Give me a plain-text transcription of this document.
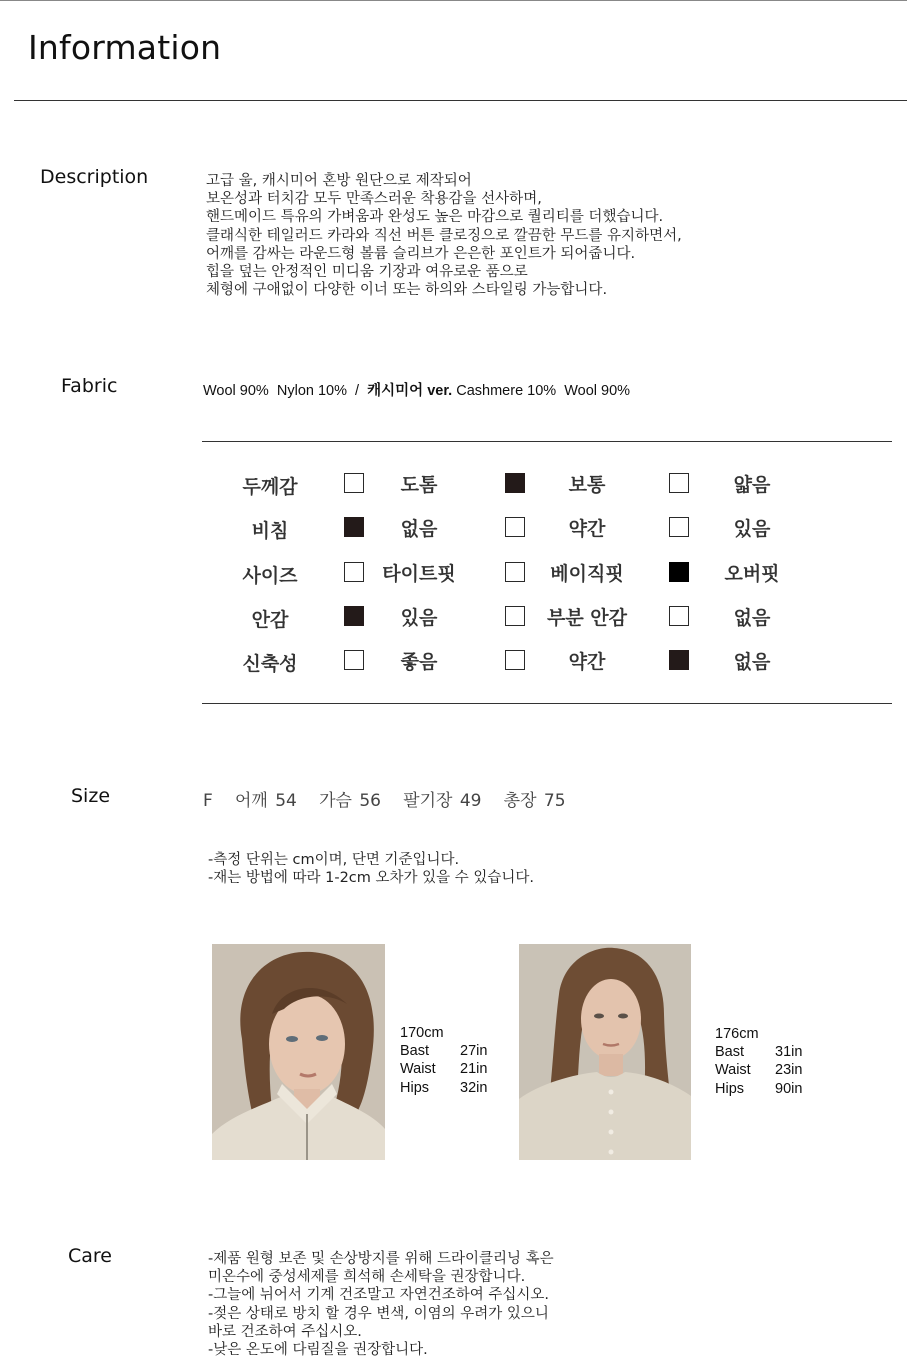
Information
Description	고급 울, 캐시미어 혼방 원단으로 제작되어
보온성과 터치감 모두 만족스러운 착용감을 선사하며,
핸드메이드 특유의 가벼움과 완성도 높은 마감으로 퀄리티를 더했습니다.
클래식한 테일러드 카라와 직선 버튼 클로징으로 깔끔한 무드를 유지하면서,
어깨를 감싸는 라운드형 볼륨 슬리브가 은은한 포인트가 되어줍니다.
힙을 덮는 안정적인 미디움 기장과 여유로운 품으로
체형에 구애없이 다양한 이너 또는 하의와 스타일링 가능합니다.
Fabric	Wool 90%  Nylon 10%  /  캐시미어 ver. Cashmere 10%  Wool 90%
두께감	도톰	보통	얇음
비침	없음	약간	있음
사이즈	타이트핏	베이직핏	오버핏
안감	있음	부분 안감	없음
신축성	좋음	약간	없음
Size	F   어깨 54   가슴 56   팔기장 49   총장 75
-측정 단위는 cm이며, 단면 기준입니다.
-재는 방법에 따라 1-2cm 오차가 있을 수 있습니다.
170cm
Bast 27in
Waist 21in
Hips 32in
176cm
Bast 31in
Waist 23in
Hips 90in
Care	-제품 원형 보존 및 손상방지를 위해 드라이클리닝 혹은
미온수에 중성세제를 희석해 손세탁을 권장합니다.
-그늘에 뉘어서 기계 건조말고 자연건조하여 주십시오.
-젖은 상태로 방치 할 경우 변색, 이염의 우려가 있으니
바로 건조하여 주십시오.
-낮은 온도에 다림질을 권장합니다.
